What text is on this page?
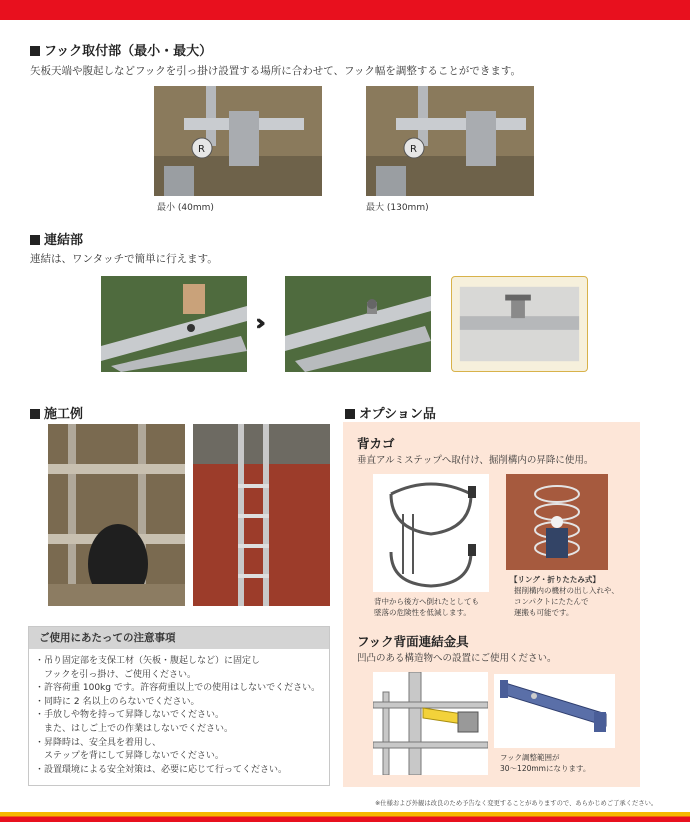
フック取付部（最小・最大）
矢板天端や腹起しなどフックを引っ掛け設置する場所に合わせて、フック幅を調整することができます。
R
最小 (40mm)
R
最大 (130mm)
連結部
連結は、ワンタッチで簡単に行えます。
›››
施工例
ご使用にあたっての注意事項
・吊り固定部を支保工材（矢板・腹起しなど）に固定し
　フックを引っ掛け、ご使用ください。
・許容荷重 100kg です。許容荷重以上での使用はしないでください。
・同時に 2 名以上のらないでください。
・手放しや物を持って昇降しないでください。
　また、はしご上での作業はしないでください。
・昇降時は、安全具を着用し、
　ステップを背にして昇降しないでください。
・設置環境による安全対策は、必要に応じて行ってください。
オプション品
背カゴ
垂直アルミステップへ取付け、掘削構内の昇降に使用。
背中から後方へ倒れたとしても
墜落の危険性を低減します。
【リング・折りたたみ式】
掘削構内の機材の出し入れや、
コンパクトにたたんで
運搬も可能です。
フック背面連結金具
凹凸のある構造物への設置にご使用ください。
フック調整範囲が
30〜120mmになります。
※仕様および外観は改良のため予告なく変更することがありますので、あらかじめご了承ください。
